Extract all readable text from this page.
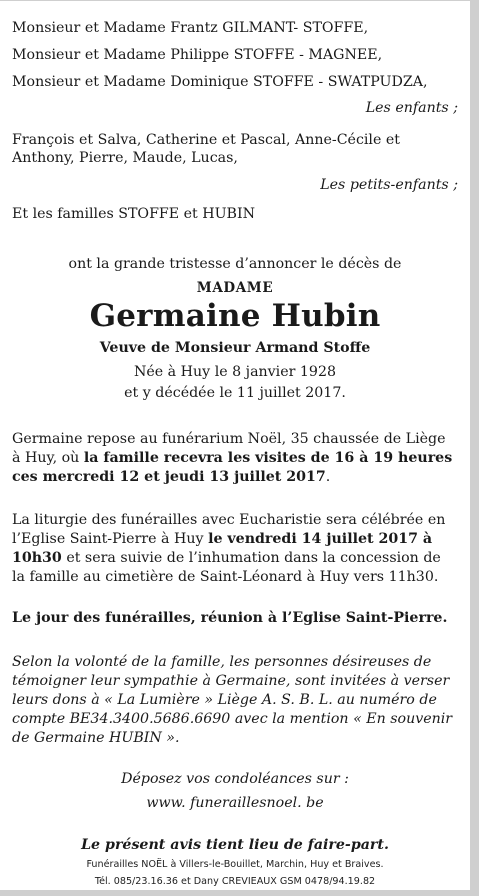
Monsieur et Madame Frantz GILMANT- STOFFE,
Monsieur et Madame Philippe STOFFE - MAGNEE,
Monsieur et Madame Dominique STOFFE - SWATPUDZA,
Les enfants ;
François et Salva, Catherine et Pascal, Anne-Cécile et
Anthony, Pierre, Maude, Lucas,
Les petits-enfants ;
Et les familles STOFFE et HUBIN
ont la grande tristesse d’annoncer le décès de
MADAME
Germaine Hubin
Veuve de Monsieur Armand Stoffe
Née à Huy le 8 janvier 1928
et y décédée le 11 juillet 2017.
Germaine repose au funérarium Noël, 35 chaussée de Liège à Huy, où la famille recevra les visites de 16 à 19 heures ces mercredi 12 et jeudi 13 juillet 2017.
La liturgie des funérailles avec Eucharistie sera célébrée en l’Eglise Saint-Pierre à Huy le vendredi 14 juillet 2017 à 10h30 et sera suivie de l’inhumation dans la concession de la famille au cimetière de Saint-Léonard à Huy vers 11h30.
Le jour des funérailles, réunion à l’Eglise Saint-Pierre.
Selon la volonté de la famille, les personnes désireuses de témoigner leur sympathie à Germaine, sont invitées à verser leurs dons à « La Lumière » Liège A. S. B. L. au numéro de compte BE34.3400.5686.6690 avec la mention « En souvenir de Germaine HUBIN ».
Déposez vos condoléances sur :
www. funeraillesnoel. be
Le présent avis tient lieu de faire-part.
Funérailles NOËL à Villers-le-Bouillet, Marchin, Huy et Braives.
Tél. 085/23.16.36 et Dany CREVIEAUX GSM 0478/94.19.82
